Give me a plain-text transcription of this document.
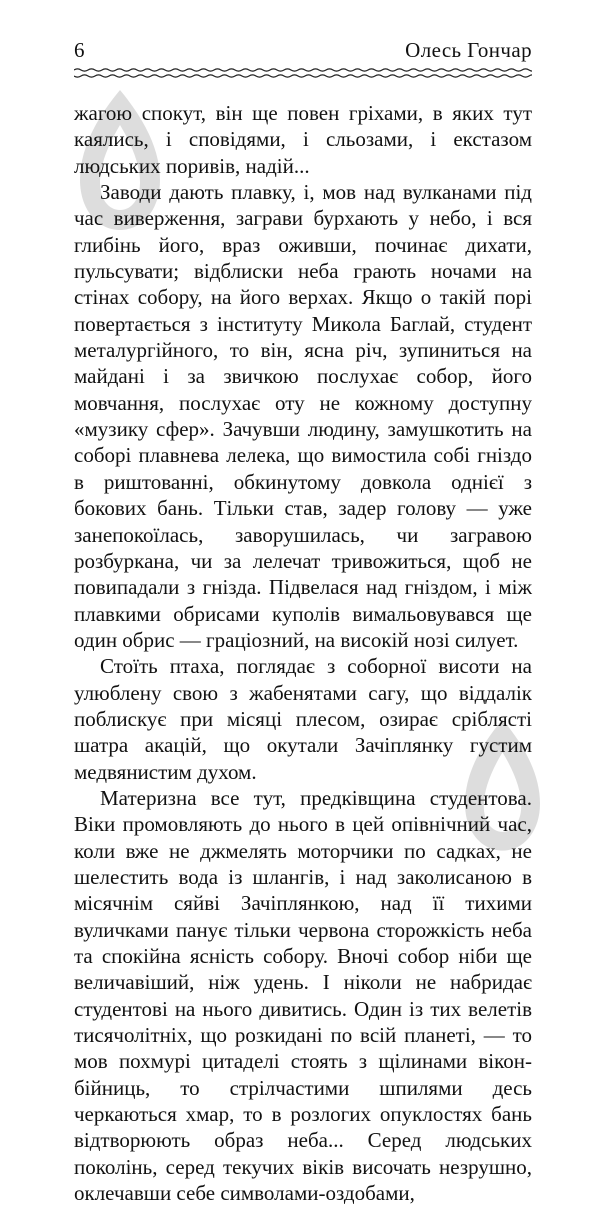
6	Олесь Гончар

жагою спокут, він ще повен гріхами, в яких тут каялись, і сповідями, і сльозами, і екстазом людських поривів, надій...

Заводи дають плавку, і, мов над вулканами під час виверження, заграви бурхають у небо, і вся глибінь його, враз оживши, починає дихати, пульсувати; відблиски неба грають ночами на стінах собору, на його верхах. Якщо о такій порі повертається з інституту Микола Баглай, студент металургійного, то він, ясна річ, зупиниться на майдані і за звичкою послухає собор, його мовчання, послухає оту не кожному доступну «музику сфер». Зачувши людину, замушкотить на соборі плавнева лелека, що вимостила собі гніздо в риштованні, обкинутому довкола однієї з бокових бань. Тільки став, задер голову — уже занепокоїлась, заворушилась, чи загравою розбуркана, чи за лелечат тривожиться, щоб не повипадали з гнізда. Підвелася над гніздом, і між плавкими обрисами куполів вимальовувався ще один обрис — граціозний, на високій нозі силует.

Стоїть птаха, поглядає з соборної висоти на улюблену свою з жабенятами сагу, що віддалік поблискує при місяці плесом, озирає сріблясті шатра акацій, що окутали Зачіплянку густим медвянистим духом.

Материзна все тут, предківщина студентова. Віки промовляють до нього в цей опівнічний час, коли вже не джмелять моторчики по садках, не шелестить вода із шлангів, і над заколисаною в місячнім сяйві Зачіплянкою, над її тихими вуличками панує тільки червона сторожкість неба та спокійна ясність собору. Вночі собор ніби ще величавіший, ніж удень. І ніколи не набридає студентові на нього дивитись. Один із тих велетів тисячолітніх, що розкидані по всій планеті, — то мов похмурі цитаделі стоять з щілинами вікон-бійниць, то стрілчастими шпилями десь черкаються хмар, то в розлогих опуклостях бань відтворюють образ неба... Серед людських поколінь, серед текучих віків височать незрушно, оклечавши себе символами-оздобами,
